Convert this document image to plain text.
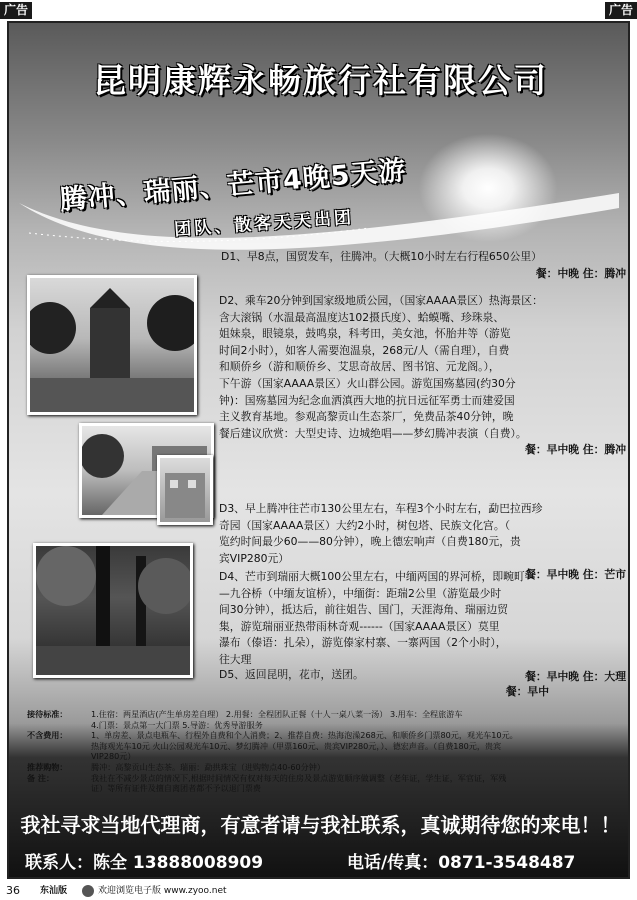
广告	广告
昆明康辉永畅旅行社有限公司
腾冲、瑞丽、芒市4晚5天游
团队、散客天天出团
D1、早8点，国贸发车，往腾冲。（大概10小时左右行程650公里）
餐：中晚 住：腾冲
D2、乘车20分钟到国家级地质公园，（国家AAAA景区）热海景区：
含大滚锅（水温最高温度达102摄氏度）、蛤蟆嘴、珍珠泉、
姐妹泉，眼镜泉，鼓鸣泉，科考田，美女池，怀胎井等（游览
时间2小时），如客人需要泡温泉，268元/人（需自理），自费
和顺侨乡（游和顺侨乡、艾思奇故居、图书馆、元龙阁。），
下午游（国家AAAA景区）火山群公园。游览国殇墓园(约30分
钟)：国殇墓园为纪念血洒滇西大地的抗日远征军勇士而建爱国
主义教育基地。参观高黎贡山生态茶厂，免费品茶40分钟，晚
餐后建议欣赏：大型史诗、边城绝唱——梦幻腾冲表演（自费）。
餐：早中晚 住：腾冲
D3、早上腾冲往芒市130公里左右，车程3个小时左右，勐巴拉西珍
奇园（国家AAAA景区）大约2小时，树包塔、民族文化宫。（
览约时间最少60——80分钟），晚上德宏响声（自费180元，贵
宾VIP280元）
餐：早中晚 住：芒市
D4、芒市到瑞丽大概100公里左右，中缅两国的界河桥，即畹町—
—九谷桥（中缅友谊桥），中缅街：距瑞2公里（游览最少时
间30分钟），抵达后，前往姐告、国门，天涯海角、瑞丽边贸
集，游览瑞丽亚热带雨林奇观------（国家AAAA景区）莫里
瀑布（傣语：扎朵），游览傣家村寨、一寨两国（2个小时），
往大理
餐：早中晚 住：大理
D5、返回昆明，花市，送团。
餐：早中
接待标准：	1.住宿：两星酒店(产生单房差自理） 2.用餐：全程团队正餐（十人一桌八菜一汤） 3.用车：全程旅游车
4.门票：景点第一大门票 5.导游：优秀导游服务
不含费用：	1、单房差、景点电瓶车、行程外自费和个人消费；2、推荐自费：热海泡澡268元、和顺侨乡门票80元，观光车10元。
热海观光车10元 火山公园观光车10元、梦幻腾冲（甲票160元、贵宾VIP280元，）、德宏声音。（自费180元，贵宾
VIP280元）
推荐购物：	腾冲：高黎贡山生态茶。瑞丽：勐拱珠宝（进购物点40-60分钟）
备 注：	我社在不减少景点的情况下,根据时间情况有权对每天的住房及景点游览顺序做调整（老年证，学生证，军官证，军残
证）等所有证件及擅自离团者都不予以退门票费
我社寻求当地代理商，有意者请与我社联系，真诚期待您的来电！！
联系人：陈全 13888008909	电话/传真：0871-3548487
36 东汕版	欢迎浏览电子版 www.zyoo.net
